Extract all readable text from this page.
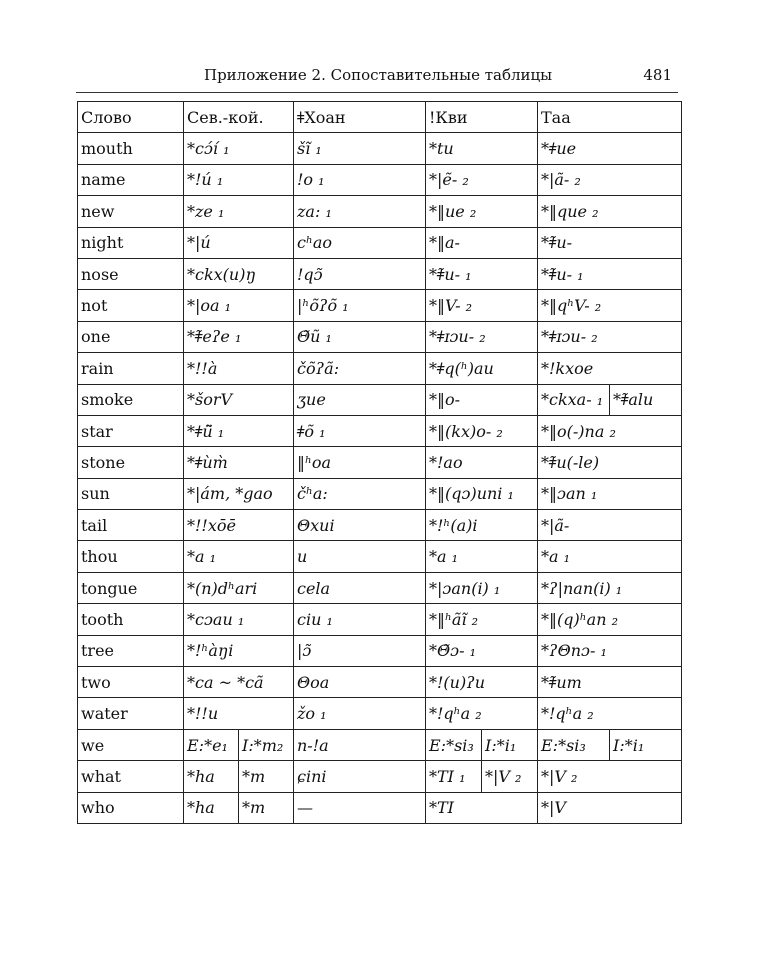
Приложение 2. Сопоставительные таблицы	481
Слово	Сев.-кой.	ǂХоан	!Кви	Таа
mouth	*cɔ́í ₁	šĩ ₁	*tu	*ǂue
name	*!ú ₁	!o ₁	*|ẽ- ₂	*|ã- ₂
new	*ze ₁	za: ₁	*‖ue ₂	*‖que ₂
night	*|ú	cʰao	*‖a-	*ǂ̃u-
nose	*ckx(u)ŋ	!qɔ̃	*ǂ̃u- ₁	*ǂ̃u- ₁
not	*|oa ₁	|ʰõʔõ ₁	*‖V- ₂	*‖qʰV- ₂
one	*ǂ̃eʔe ₁	Θ̃ũ ₁	*ǂɪɔu- ₂	*ǂɪɔu- ₂
rain	*!!à	čõʔã:	*ǂq(ʰ)au	*!kxoe
smoke	*šorV	ʒue	*‖o-	*ckxa- ₁ *ǂ̃alu

star	*ǂũ̃ ₁	ǂõ ₁	*‖(kx)o- ₂	*‖o(-)na ₂
stone	*ǂùm̀	‖ʰoa	*!ao	*ǂ̃u(-le)
sun	*|ám, *gao	čʰa:	*‖(qɔ)uni ₁	*‖ɔan ₁
tail	*!!xōē	Θxui	*!ʰ(a)i	*|ã-
thou	*a ₁	u	*a ₁	*a ₁
tongue	*(n)dʰari	cela	*|ɔan(i) ₁	*ʔ|nan(i) ₁
tooth	*cɔau ₁	ciu ₁	*‖ʰãĩ ₂	*‖(q)ʰan ₂
tree	*!ʰàŋi	|ɔ̃	*Θ̃ɔ- ₁	*ʔΘnɔ- ₁
two	*ca ~ *cã	Θoa	*!(u)ʔu	*ǂ̃um
water	*!!u	žo ₁	*!qʰa ₂	*!qʰa ₂
we	E:*e₁ I:*m₂	n-!a	E:*si₃ I:*i₁	E:*si₃ I:*i₁

what	*ha *m	ɕini	*TI ₁ *|V ₂	*|V ₂
who	*ha *m	—	*TI	*|V
